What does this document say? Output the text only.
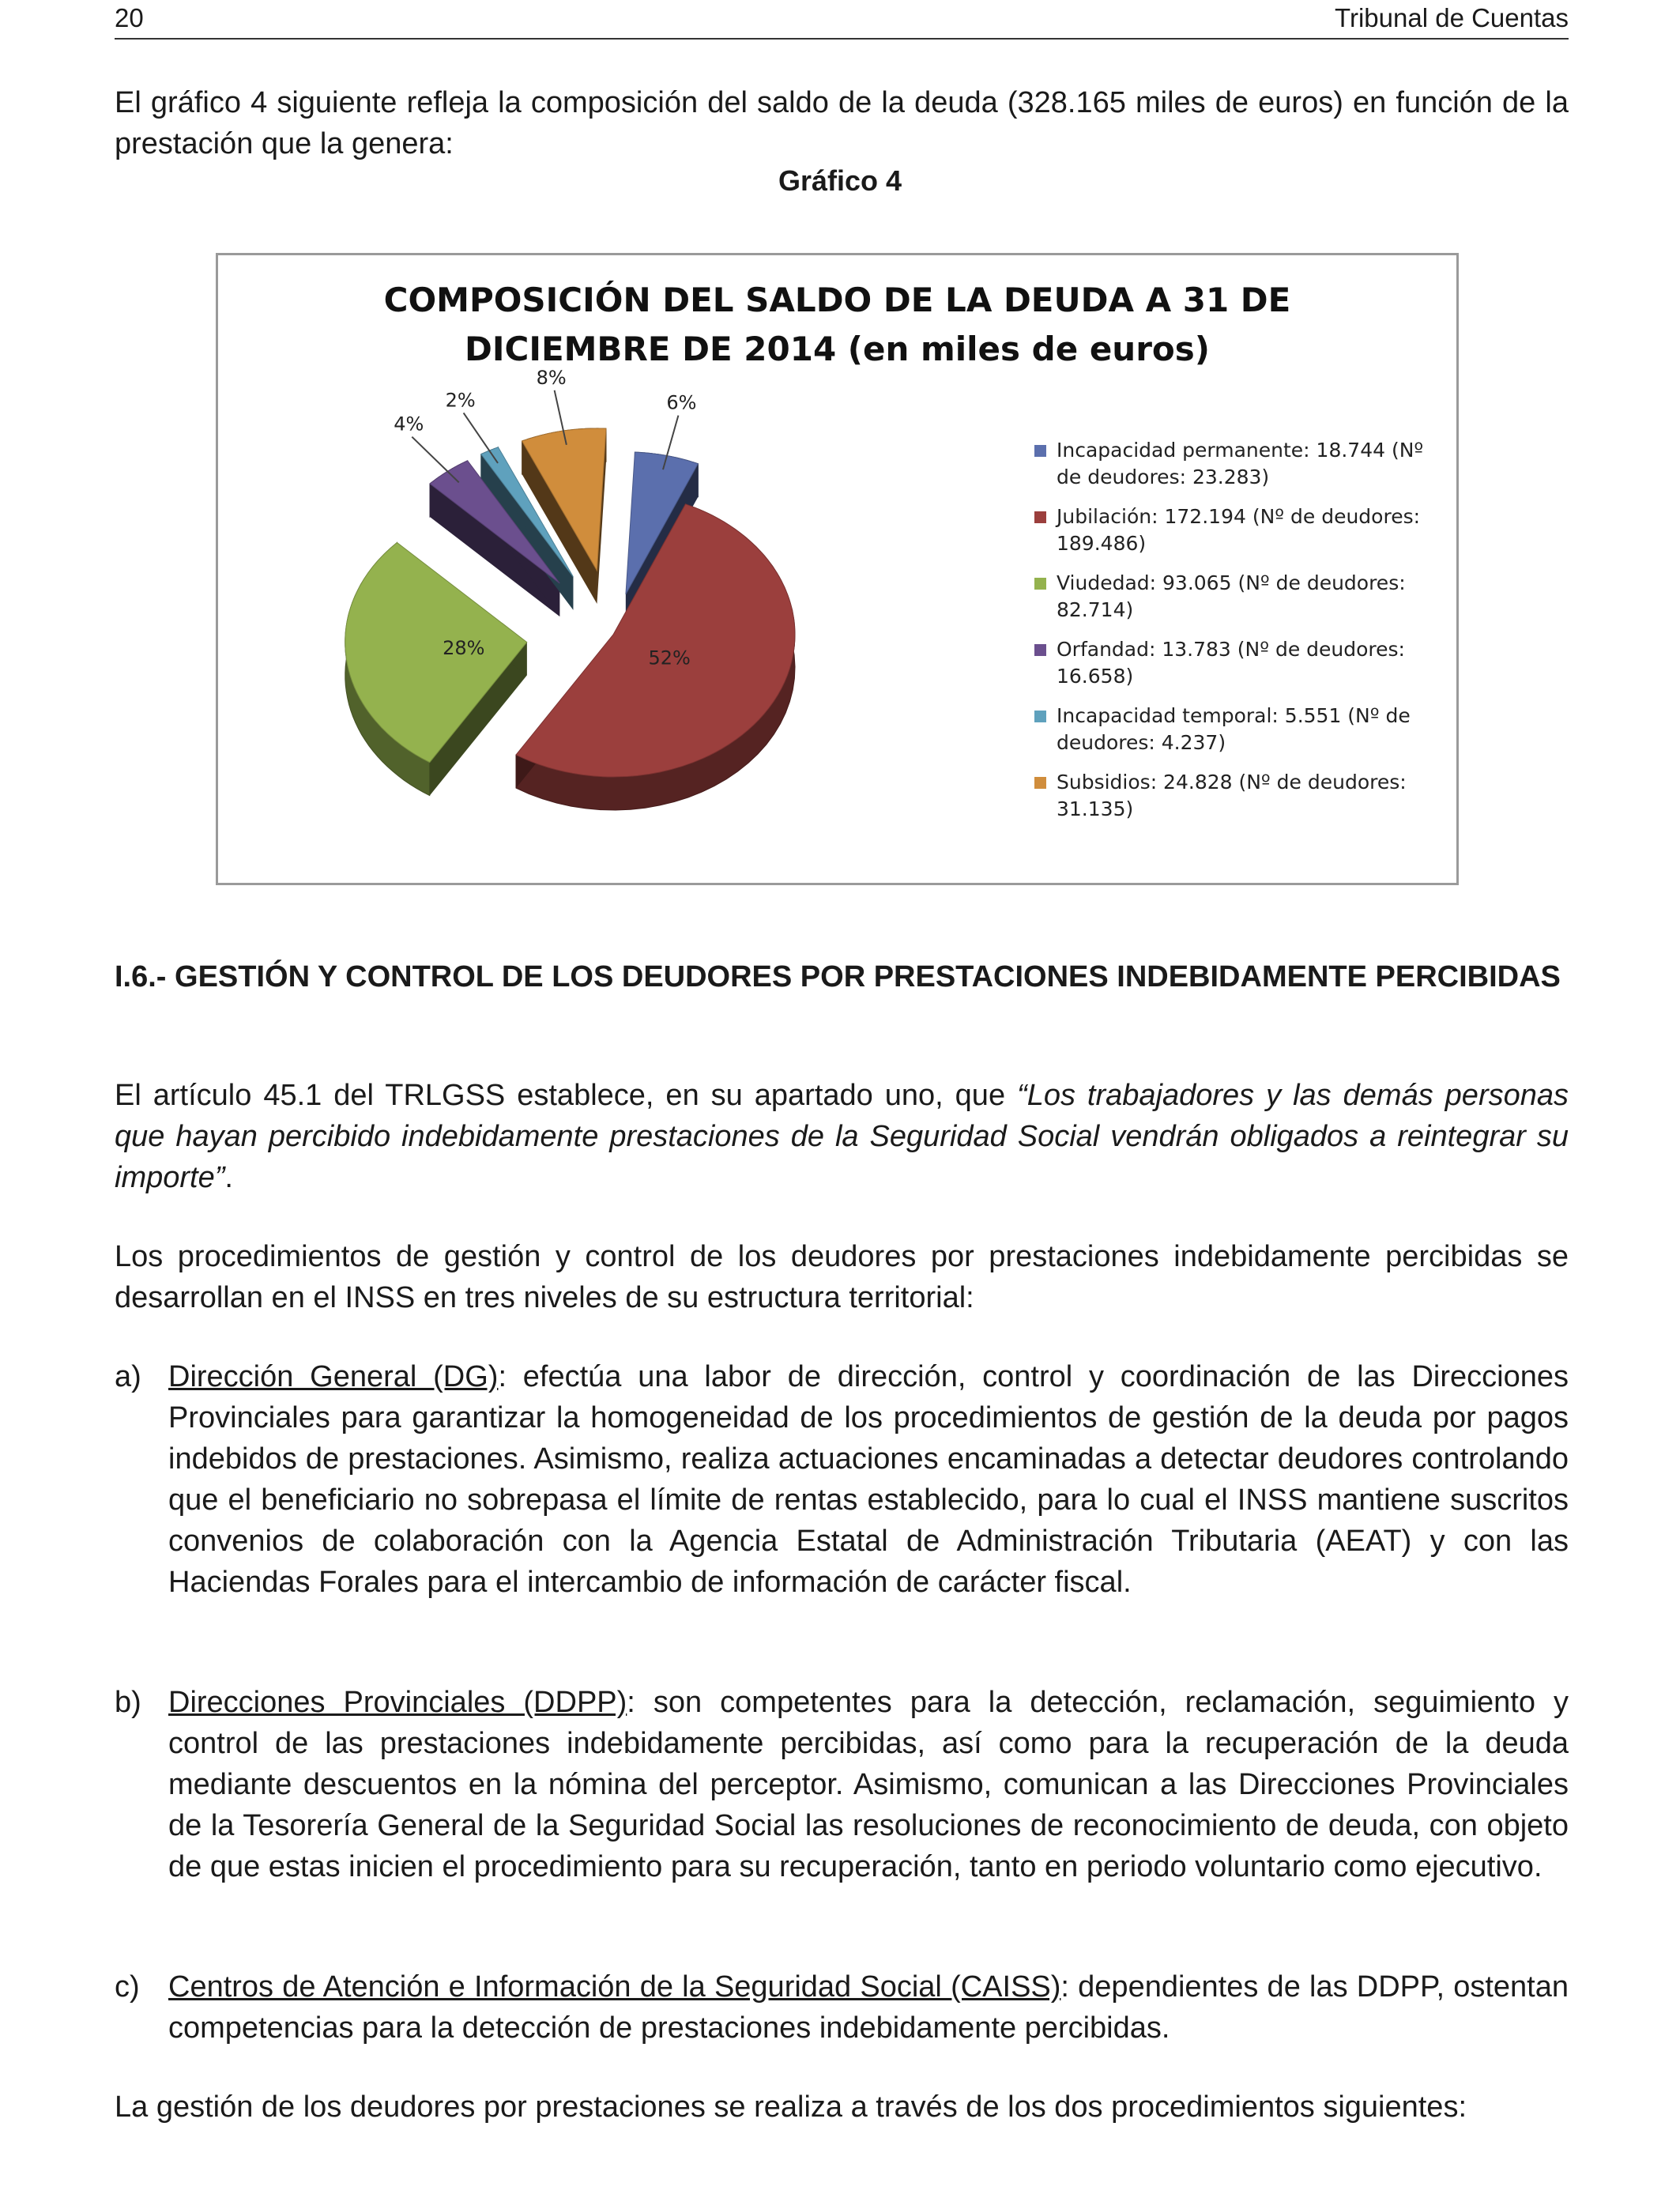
20	Tribunal de Cuentas
El gráfico 4 siguiente refleja la composición del saldo de la deuda (328.165 miles de euros) en función de la prestación que la genera:
Gráfico 4
COMPOSICIÓN DEL SALDO DE LA DEUDA A 31 DE
DICIEMBRE DE 2014 (en miles de euros)
6%
52%
28%
4%
2%
8%
Incapacidad permanente: 18.744 (Nº de deudores: 23.283)
Jubilación: 172.194 (Nº de deudores: 189.486)
Viudedad: 93.065 (Nº de deudores: 82.714)
Orfandad: 13.783 (Nº de deudores: 16.658)
Incapacidad temporal: 5.551 (Nº de deudores: 4.237)
Subsidios: 24.828 (Nº de deudores: 31.135)
I.6.- GESTIÓN Y CONTROL DE LOS DEUDORES POR PRESTACIONES INDEBIDAMENTE PERCIBIDAS
El artículo 45.1 del TRLGSS establece, en su apartado uno, que “Los trabajadores y las demás personas que hayan percibido indebidamente prestaciones de la Seguridad Social vendrán obligados a reintegrar su importe”.
Los procedimientos de gestión y control de los deudores por prestaciones indebidamente percibidas se desarrollan en el INSS en tres niveles de su estructura territorial:
a) Dirección General (DG): efectúa una labor de dirección, control y coordinación de las Direcciones Provinciales para garantizar la homogeneidad de los procedimientos de gestión de la deuda por pagos indebidos de prestaciones. Asimismo, realiza actuaciones encaminadas a detectar deudores controlando que el beneficiario no sobrepasa el límite de rentas establecido, para lo cual el INSS mantiene suscritos convenios de colaboración con la Agencia Estatal de Administración Tributaria (AEAT) y con las Haciendas Forales para el intercambio de información de carácter fiscal.
b) Direcciones Provinciales (DDPP): son competentes para la detección, reclamación, seguimiento y control de las prestaciones indebidamente percibidas, así como para la recuperación de la deuda mediante descuentos en la nómina del perceptor. Asimismo, comunican a las Direcciones Provinciales de la Tesorería General de la Seguridad Social las resoluciones de reconocimiento de deuda, con objeto de que estas inicien el procedimiento para su recuperación, tanto en periodo voluntario como ejecutivo.
c) Centros de Atención e Información de la Seguridad Social (CAISS): dependientes de las DDPP, ostentan competencias para la detección de prestaciones indebidamente percibidas.
La gestión de los deudores por prestaciones se realiza a través de los dos procedimientos siguientes:
